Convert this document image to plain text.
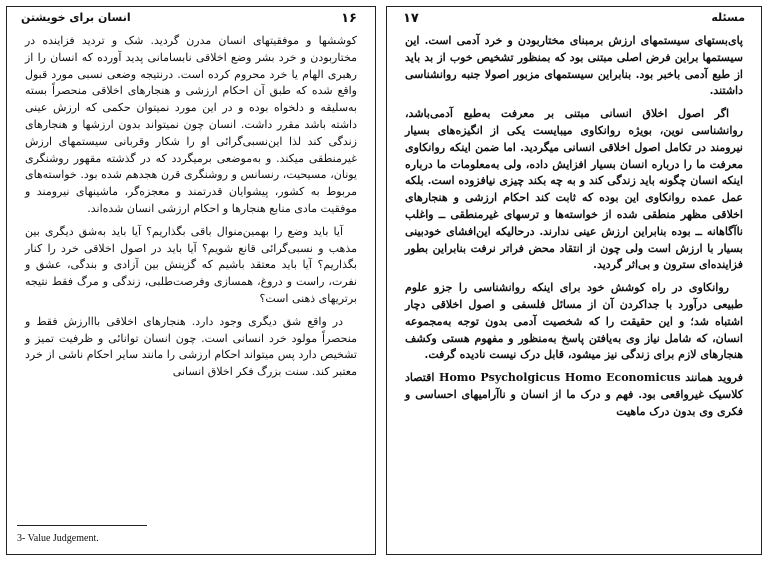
انسان برای خویشتن	۱۶

کوششها و موفقیتهای انسان مدرن گردید. شک و تردید فزاینده در مختاربودن و خرد بشر وضع اخلاقی نابسامانی پدید آورده که انسان را از رهبری الهام یا خرد محروم کرده است. درنتیجه وضعی نسبی مورد قبول واقع شده که طبق آن احکام ارزشی و هنجارهای اخلاقی منحصراً بسته به‌سلیقه و دلخواه بوده و در این مورد نمیتوان حکمی که ارزش عینی داشته باشد مقرر داشت. انسان چون نمیتواند بدون ارزشها و هنجارهای زندگی کند لذا این‌نسبی‌گرائی او را شکار وقربانی سیستمهای ارزش غیرمنطقی میکند. و به‌موضعی برمیگردد که در گذشته مقهور روشنگری یونان، مسیحیت، رنسانس و روشنگری قرن هجدهم شده بود. خواسته‌های مربوط به کشور، پیشوایان قدرتمند و معجزه‌گر، ماشینهای نیرومند و موفقیت مادی منابع هنجارها و احکام ارزشی انسان شده‌اند.

آیا باید وضع را بهمین‌منوال باقی بگذاریم؟ آیا باید به‌شق دیگری بین مذهب و نسبی‌گرائی قانع شویم؟ آیا باید در اصول اخلاقی خرد را کنار بگذاریم؟ آیا باید معتقد باشیم که گزینش بین آزادی و بندگی، عشق و نفرت، راست و دروغ، همسازی وفرصت‌طلبی، زندگی و مرگ فقط نتیجه برتریهای ذهنی است؟

در واقع شق دیگری وجود دارد. هنجارهای اخلاقی بااارزش فقط و منحصراً مولود خرد انسانی است. چون انسان توانائی و ظرفیت تمیز و تشخیص دارد پس میتواند احکام ارزشی را مانند سایر احکام ناشی از خرد معتبر کند. سنت بزرگ فکر اخلاق انسانی

3- Value Judgement.
مسئله
۱۷

پای‌بستهای سیستمهای ارزش برمبنای مختاربودن و خرد آدمی است. این سیستمها براین فرض اصلی مبتنی بود که بمنظور تشخیص خوب از بد باید از طبع آدمی باخبر بود. بنابراین سیستمهای مزبور اصولا جنبه روانشناسی داشتند.

اگر اصول اخلاق انسانی مبتنی بر معرفت به‌طبع آدمی‌باشد، روانشناسی نوین، بویژه روانکاوی میبایست یکی از انگیزه‌های بسیار نیرومند در تکامل اصول اخلاقی انسانی میگردید. اما ضمن اینکه روانکاوی معرفت ما را درباره انسان بسیار افزایش داده، ولی به‌معلومات ما درباره اینکه انسان چگونه باید زندگی کند و به چه بکند چیزی نیافزوده است. بلکه عمل عمده روانکاوی این بوده که ثابت کند احکام ارزشی و هنجارهای اخلاقی مظهر منطقی شده از خواسته‌ها و ترسهای غیرمنطقی ــ واغلب ناآگاهانه ــ بوده بنابراین ارزش عینی ندارند. درحالیکه این‌افشای خودبینی بسیار با ارزش است ولی چون از انتقاد محض فراتر نرفت بنابراین بطور فزاینده‌ای سترون و بی‌اثر گردید.

روانکاوی در راه کوشش خود برای اینکه روانشناسی را جزو علوم طبیعی درآورد با جداکردن آن از مسائل فلسفی و اصول اخلاقی دچار اشتباه شد؛ و این حقیقت را که شخصیت آدمی بدون توجه به‌مجموعه انسان، که شامل نیاز وی به‌یافتن پاسخ به‌منظور و مفهوم هستی وکشف هنجارهای لازم برای زندگی نیز میشود، قابل درک نیست نادیده گرفت.

فروید همانند Homo Psycholgicus Homo Economicus اقتصاد کلاسیک غیرواقعی بود. فهم و درک ما از انسان و ناآرامیهای احساسی و فکری وی بدون درک ماهیت
